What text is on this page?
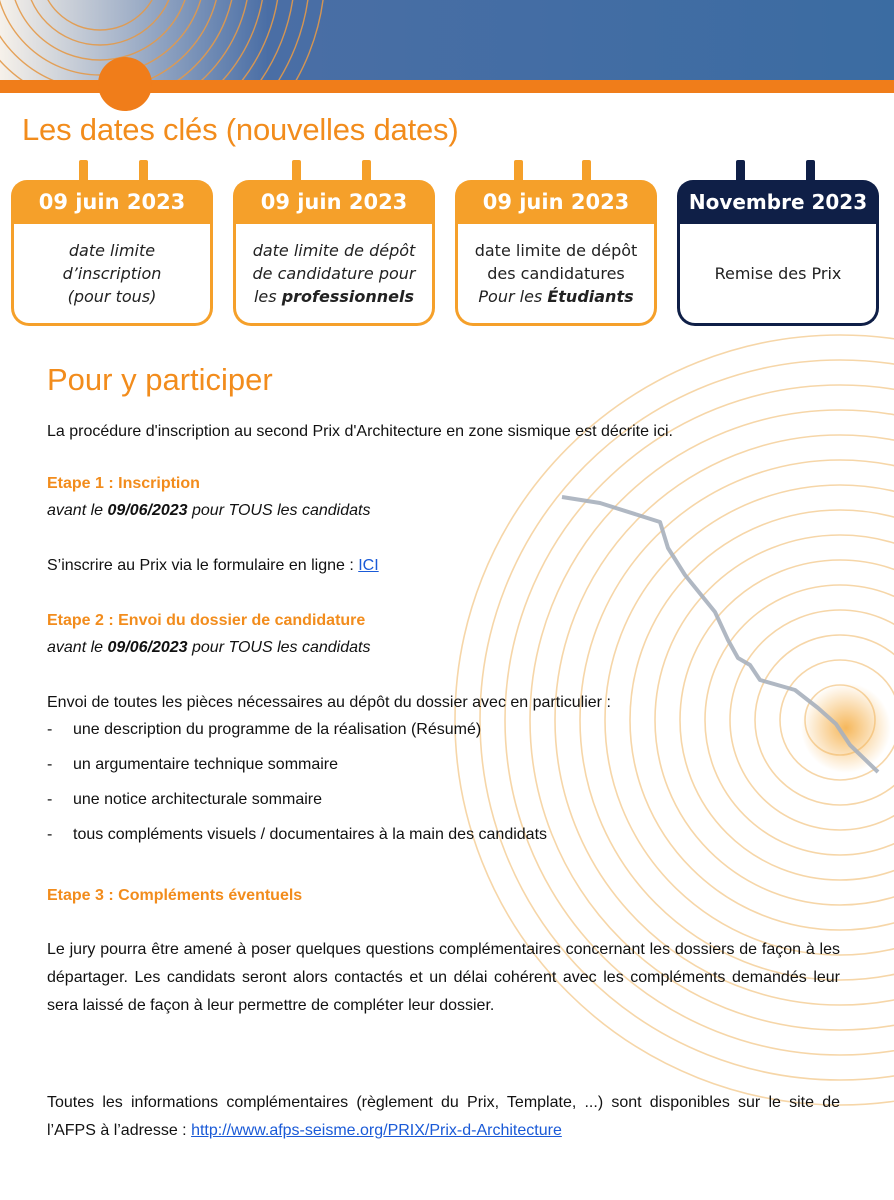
Les dates clés (nouvelles dates)
09 juin 2023
date limite
d’inscription
(pour tous)
09 juin 2023
date limite de dépôt
de candidature pour
les professionnels
09 juin 2023
date limite de dépôt
des candidatures
Pour les Étudiants
Novembre 2023
Remise des Prix
Pour y participer

La procédure d'inscription au second Prix d'Architecture en zone sismique est décrite ici.

Etape 1 : Inscription

avant le 09/06/2023 pour TOUS les candidats

S’inscrire au Prix via le formulaire en ligne : ICI

Etape 2 : Envoi du dossier de candidature

avant le 09/06/2023 pour TOUS les candidats

Envoi de toutes les pièces nécessaires au dépôt du dossier avec en particulier :

- une description du programme de la réalisation (Résumé)
- un argumentaire technique sommaire
- une notice architecturale sommaire
- tous compléments visuels / documentaires à la main des candidats

Etape 3 : Compléments éventuels

Le jury pourra être amené à poser quelques questions complémentaires concernant les dossiers de façon à les départager. Les candidats seront alors contactés et un délai cohérent avec les compléments demandés leur sera laissé de façon à leur permettre de compléter leur dossier.

Toutes les informations complémentaires (règlement du Prix, Template, ...) sont disponibles sur le site de l’AFPS à l’adresse : http://www.afps-seisme.org/PRIX/Prix-d-Architecture
